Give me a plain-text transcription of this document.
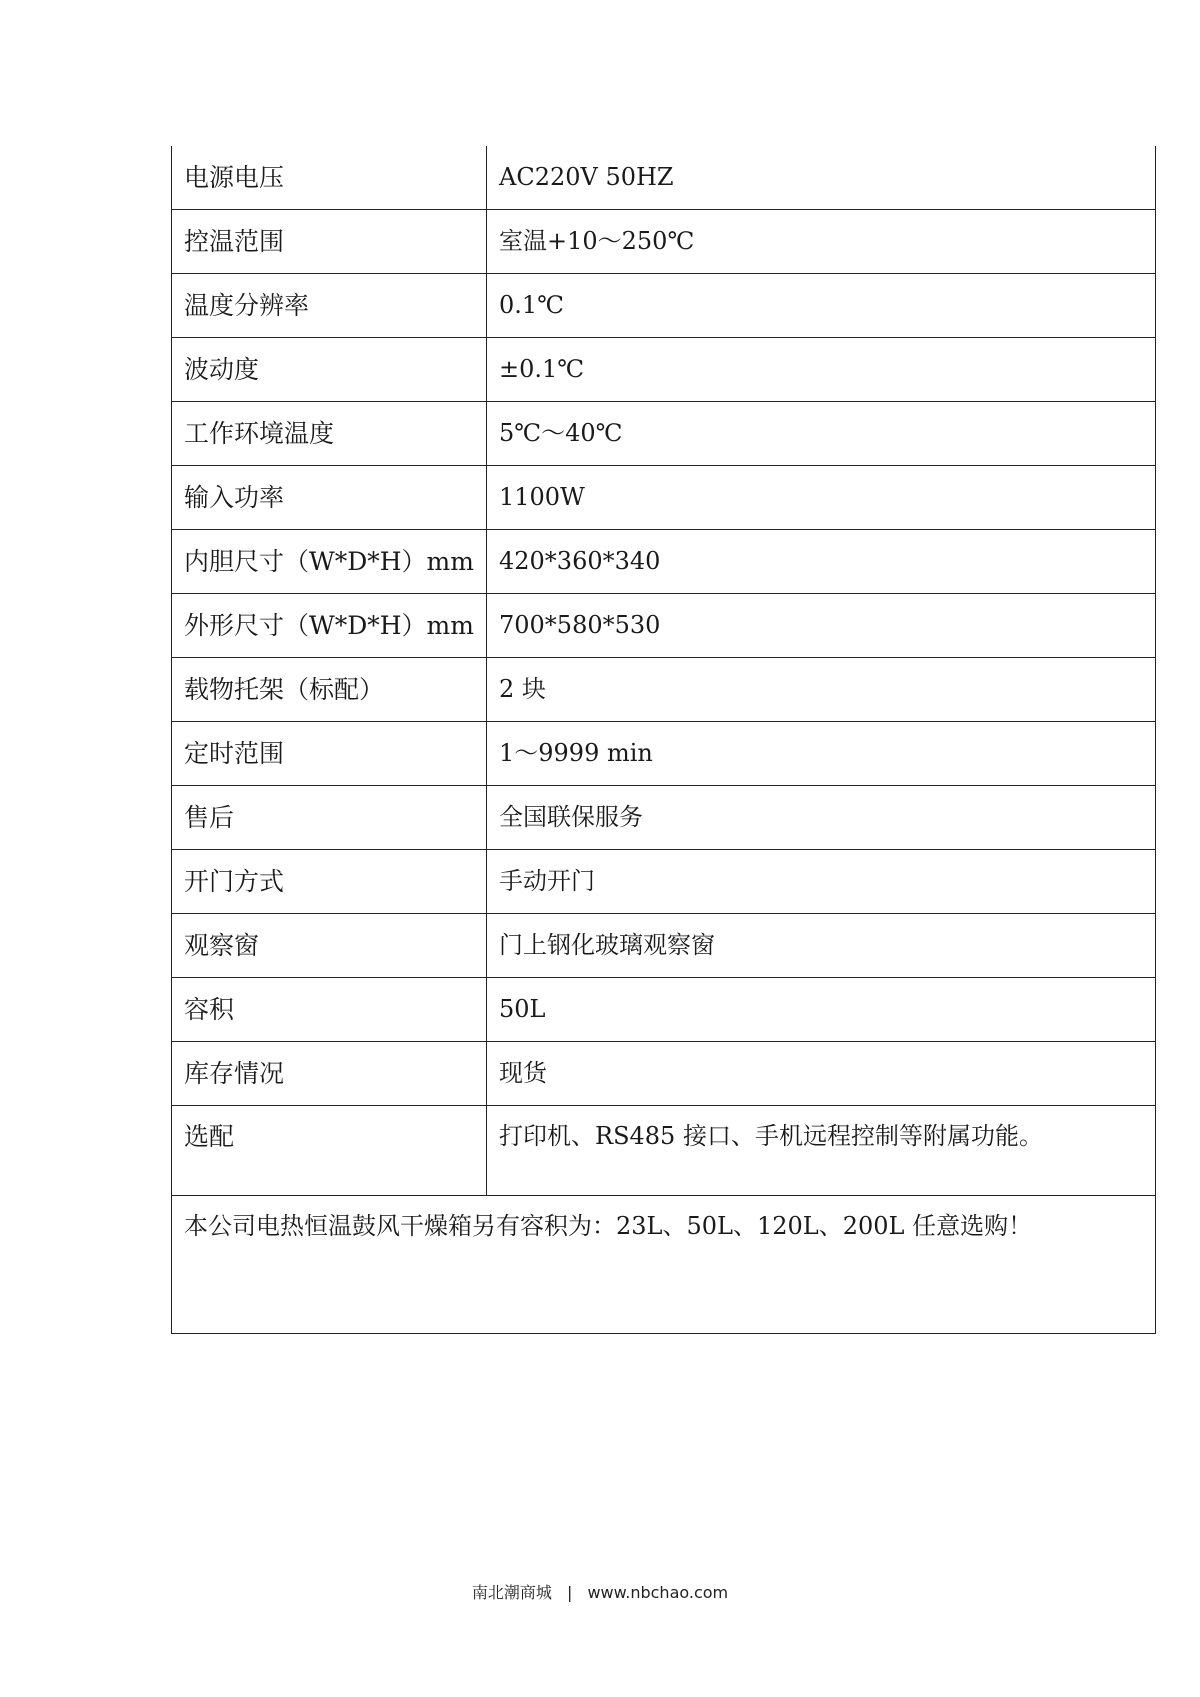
电源电压	AC220V 50HZ
控温范围	室温+10～250℃
温度分辨率	0.1℃
波动度	±0.1℃
工作环境温度	5℃～40℃
输入功率	1100W
内胆尺寸（W*D*H）mm	420*360*340
外形尺寸（W*D*H）mm	700*580*530
载物托架（标配）	2 块
定时范围	1～9999 min
售后	全国联保服务
开门方式	手动开门
观察窗	门上钢化玻璃观察窗
容积	50L
库存情况	现货
选配	打印机、RS485 接口、手机远程控制等附属功能。
本公司电热恒温鼓风干燥箱另有容积为：23L、50L、120L、200L 任意选购！	
南北潮商城 | www.nbchao.com
